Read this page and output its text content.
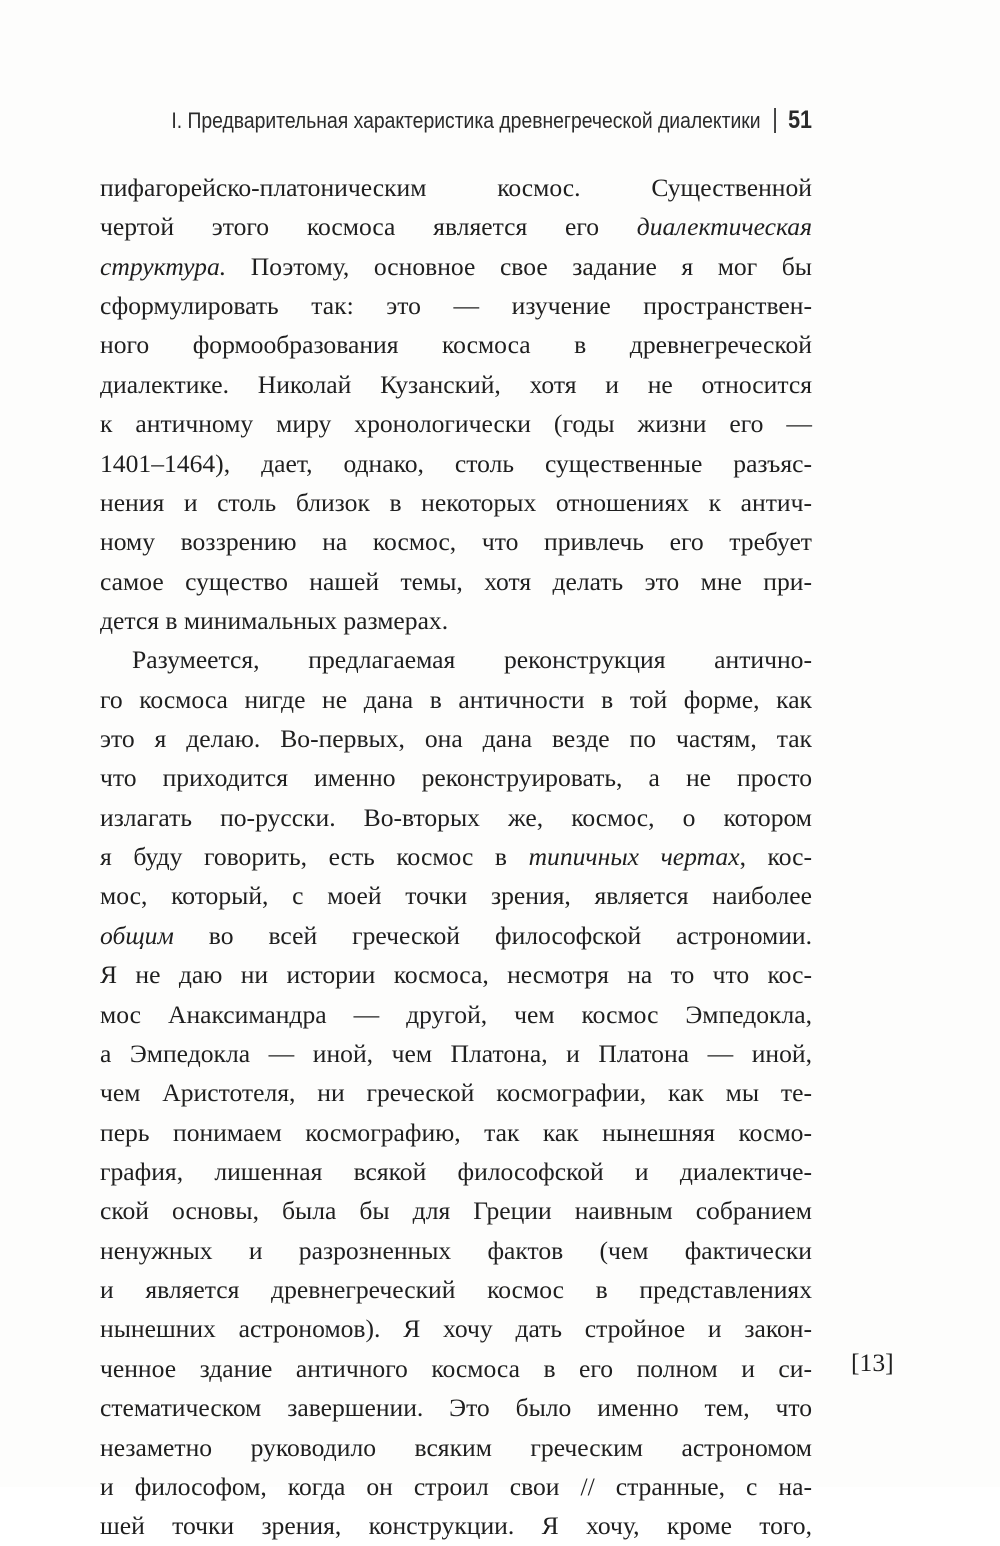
I. Предварительная характеристика древнегреческой диалектики 51
пифагорейско-платоническим космос. Существенной
чертой этого космоса является его диалектическая
структура. Поэтому, основное свое задание я мог бы
сформулировать так: это — изучение пространствен-
ного формообразования космоса в древнегреческой
диалектике. Николай Кузанский, хотя и не относится
к античному миру хронологически (годы жизни его —
1401–1464), дает, однако, столь существенные разъяс-
нения и столь близок в некоторых отношениях к антич-
ному воззрению на космос, что привлечь его требует
самое существо нашей темы, хотя делать это мне при-
дется в минимальных размерах.
Разумеется, предлагаемая реконструкция антично-
го космоса нигде не дана в античности в той форме, как
это я делаю. Во-первых, она дана везде по частям, так
что приходится именно реконструировать, а не просто
излагать по-русски. Во-вторых же, космос, о котором
я буду говорить, есть космос в типичных чертах, кос-
мос, который, с моей точки зрения, является наиболее
общим во всей греческой философской астрономии.
Я не даю ни истории космоса, несмотря на то что кос-
мос Анаксимандра — другой, чем космос Эмпедокла,
а Эмпедокла — иной, чем Платона, и Платона — иной,
чем Аристотеля, ни греческой космографии, как мы те-
перь понимаем космографию, так как нынешняя космо-
графия, лишенная всякой философской и диалектиче-
ской основы, была бы для Греции наивным собранием
ненужных и разрозненных фактов (чем фактически
и является древнегреческий космос в представлениях
нынешних астрономов). Я хочу дать стройное и закон-
ченное здание античного космоса в его полном и си-
стематическом завершении. Это было именно тем, что
незаметно руководило всяким греческим астрономом
и философом, когда он строил свои // странные, с на-
шей точки зрения, конструкции. Я хочу, кроме того,
[13]
